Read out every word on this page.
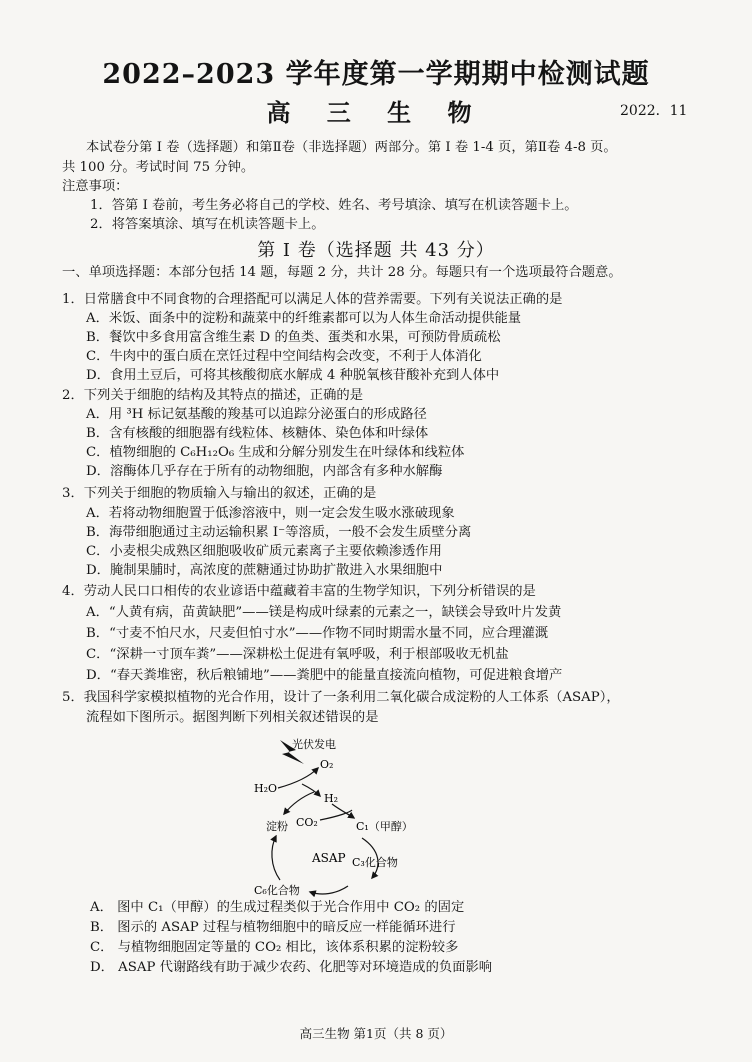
2022–2023 学年度第一学期期中检测试题
高 三 生 物	2022．11
本试卷分第 I 卷（选择题）和第Ⅱ卷（非选择题）两部分。第 I 卷 1-4 页，第Ⅱ卷 4-8 页。
共 100 分。考试时间 75 分钟。
注意事项：
1．答第 I 卷前，考生务必将自己的学校、姓名、考号填涂、填写在机读答题卡上。
2．将答案填涂、填写在机读答题卡上。
第 Ⅰ 卷（选择题 共 43 分）
一、单项选择题：本部分包括 14 题，每题 2 分，共计 28 分。每题只有一个选项最符合题意。
1．日常膳食中不同食物的合理搭配可以满足人体的营养需要。下列有关说法正确的是
A．米饭、面条中的淀粉和蔬菜中的纤维素都可以为人体生命活动提供能量
B．餐饮中多食用富含维生素 D 的鱼类、蛋类和水果，可预防骨质疏松
C．牛肉中的蛋白质在烹饪过程中空间结构会改变，不利于人体消化
D．食用土豆后，可将其核酸彻底水解成 4 种脱氧核苷酸补充到人体中
2．下列关于细胞的结构及其特点的描述，正确的是
A．用 ³H 标记氨基酸的羧基可以追踪分泌蛋白的形成路径
B．含有核酸的细胞器有线粒体、核糖体、染色体和叶绿体
C．植物细胞的 C₆H₁₂O₆ 生成和分解分别发生在叶绿体和线粒体
D．溶酶体几乎存在于所有的动物细胞，内部含有多种水解酶
3．下列关于细胞的物质输入与输出的叙述，正确的是
A．若将动物细胞置于低渗溶液中，则一定会发生吸水涨破现象
B．海带细胞通过主动运输积累 I⁻等溶质，一般不会发生质壁分离
C．小麦根尖成熟区细胞吸收矿质元素离子主要依赖渗透作用
D．腌制果脯时，高浓度的蔗糖通过协助扩散进入水果细胞中
4．劳动人民口口相传的农业谚语中蕴藏着丰富的生物学知识，下列分析错误的是
A．“人黄有病，苗黄缺肥”——镁是构成叶绿素的元素之一，缺镁会导致叶片发黄
B．“寸麦不怕尺水，尺麦但怕寸水”——作物不同时期需水量不同，应合理灌溉
C．“深耕一寸顶车粪”——深耕松土促进有氧呼吸，利于根部吸收无机盐
D．“春天粪堆密，秋后粮铺地”——粪肥中的能量直接流向植物，可促进粮食增产
5．我国科学家模拟植物的光合作用，设计了一条利用二氧化碳合成淀粉的人工体系（ASAP），
流程如下图所示。据图判断下列相关叙述错误的是
光伏发电
H₂O
O₂
H₂
CO₂	C₁（甲醇）
淀粉
ASAP C₃化合物
C₆化合物
A． 图中 C₁（甲醇）的生成过程类似于光合作用中 CO₂ 的固定
B． 图示的 ASAP 过程与植物细胞中的暗反应一样能循环进行
C． 与植物细胞固定等量的 CO₂ 相比，该体系积累的淀粉较多
D． ASAP 代谢路线有助于减少农药、化肥等对环境造成的负面影响
高三生物 第1页（共 8 页）
